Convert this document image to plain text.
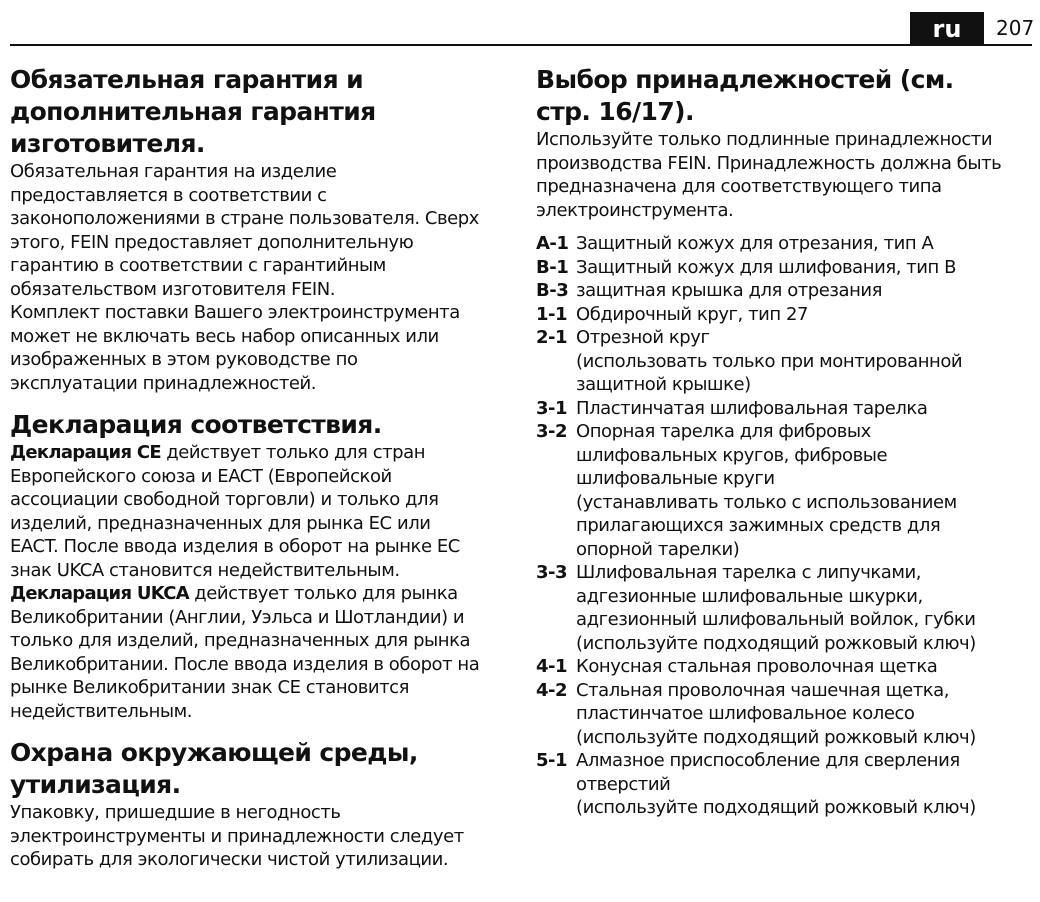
ru	207
Обязательная гарантия и
дополнительная гарантия
изготовителя.

Обязательная гарантия на изделие
предоставляется в соответствии с
законоположениями в стране пользователя. Сверх
этого, FEIN предоставляет дополнительную
гарантию в соответствии с гарантийным
обязательством изготовителя FEIN.

Комплект поставки Вашего электроинструмента
может не включать весь набор описанных или
изображенных в этом руководстве по
эксплуатации принадлежностей.

Декларация соответствия.

Декларация CE действует только для стран
Европейского союза и EACT (Европейской
ассоциации свободной торговли) и только для
изделий, предназначенных для рынка ЕС или
EACT. После ввода изделия в оборот на рынке ЕС
знак UKCA становится недействительным.

Декларация UKCA действует только для рынка
Великобритании (Англии, Уэльса и Шотландии) и
только для изделий, предназначенных для рынка
Великобритании. После ввода изделия в оборот на
рынке Великобритании знак CE становится
недействительным.

Охрана окружающей среды,
утилизация.

Упаковку, пришедшие в негодность
электроинструменты и принадлежности следует
собирать для экологически чистой утилизации.

Выбор принадлежностей (см.
стр. 16/17).

Используйте только подлинные принадлежности
производства FEIN. Принадлежность должна быть
предназначена для соответствующего типа
электроинструмента.

A-1 Защитный кожух для отрезания, тип A
B-1 Защитный кожух для шлифования, тип B
B-3 защитная крышка для отрезания
1-1 Обдирочный круг, тип 27
2-1 Отрезной круг
(использовать только при монтированной
защитной крышке)
3-1 Пластинчатая шлифовальная тарелка
3-2 Опорная тарелка для фибровых
шлифовальных кругов, фибровые
шлифовальные круги
(устанавливать только с использованием
прилагающихся зажимных средств для
опорной тарелки)
3-3 Шлифовальная тарелка с липучками,
адгезионные шлифовальные шкурки,
адгезионный шлифовальный войлок, губки
(используйте подходящий рожковый ключ)
4-1 Конусная стальная проволочная щетка
4-2 Стальная проволочная чашечная щетка,
пластинчатое шлифовальное колесо
(используйте подходящий рожковый ключ)
5-1 Алмазное приспособление для сверления
отверстий
(используйте подходящий рожковый ключ)
